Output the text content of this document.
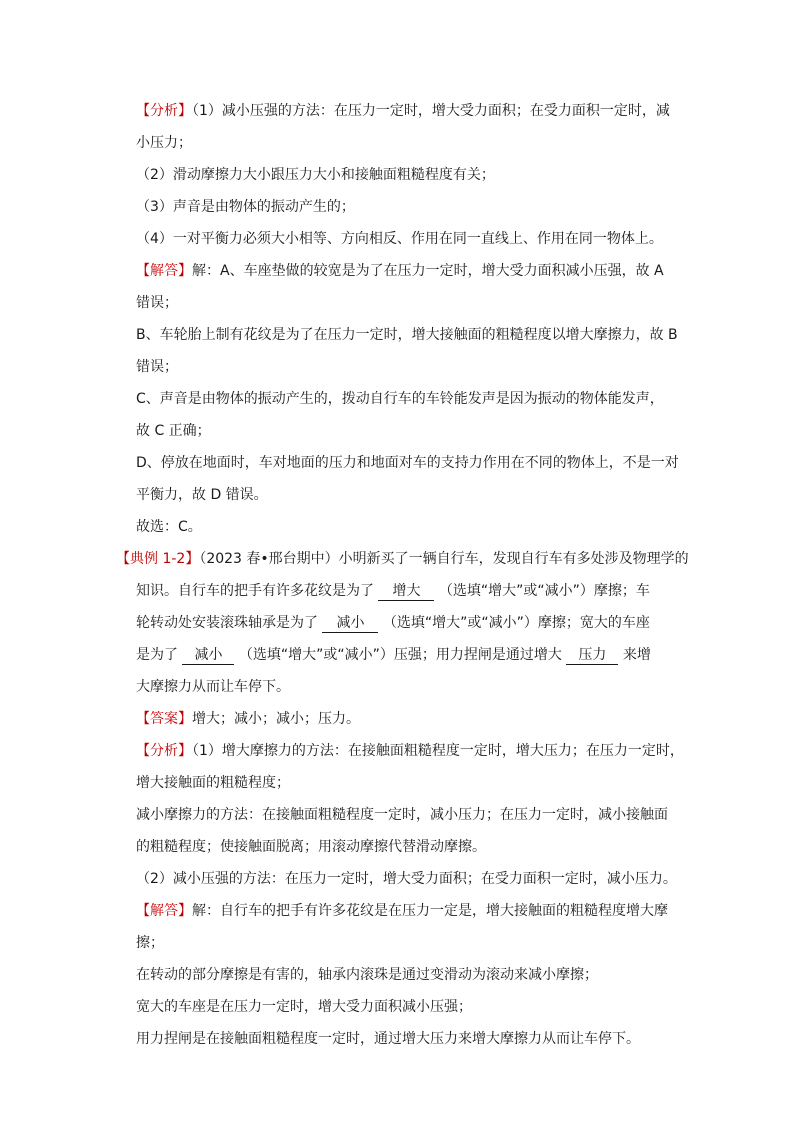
【分析】（1）减小压强的方法：在压力一定时，增大受力面积；在受力面积一定时，减
小压力；
（2）滑动摩擦力大小跟压力大小和接触面粗糙程度有关；
（3）声音是由物体的振动产生的；
（4）一对平衡力必须大小相等、方向相反、作用在同一直线上、作用在同一物体上。
【解答】解：A、车座垫做的较宽是为了在压力一定时，增大受力面积减小压强，故 A
错误；
B、车轮胎上制有花纹是为了在压力一定时，增大接触面的粗糙程度以增大摩擦力，故 B
错误；
C、声音是由物体的振动产生的，拨动自行车的车铃能发声是因为振动的物体能发声，
故 C 正确；
D、停放在地面时，车对地面的压力和地面对车的支持力作用在不同的物体上，不是一对
平衡力，故 D 错误。
故选：C。
【典例 1-2】（2023 春•邢台期中）小明新买了一辆自行车，发现自行车有多处涉及物理学的
知识。自行车的把手有许多花纹是为了 增大 （选填“增大”或“减小”）摩擦；车
轮转动处安装滚珠轴承是为了 减小 （选填“增大”或“减小”）摩擦；宽大的车座
是为了 减小 （选填“增大”或“减小”）压强；用力捏闸是通过增大 压力 来增
大摩擦力从而让车停下。
【答案】增大；减小；减小；压力。
【分析】（1）增大摩擦力的方法：在接触面粗糙程度一定时，增大压力；在压力一定时，
增大接触面的粗糙程度；
减小摩擦力的方法：在接触面粗糙程度一定时，减小压力；在压力一定时，减小接触面
的粗糙程度；使接触面脱离；用滚动摩擦代替滑动摩擦。
（2）减小压强的方法：在压力一定时，增大受力面积；在受力面积一定时，减小压力。
【解答】解：自行车的把手有许多花纹是在压力一定是，增大接触面的粗糙程度增大摩
擦；
在转动的部分摩擦是有害的，轴承内滚珠是通过变滑动为滚动来减小摩擦；
宽大的车座是在压力一定时，增大受力面积减小压强；
用力捏闸是在接触面粗糙程度一定时，通过增大压力来增大摩擦力从而让车停下。
